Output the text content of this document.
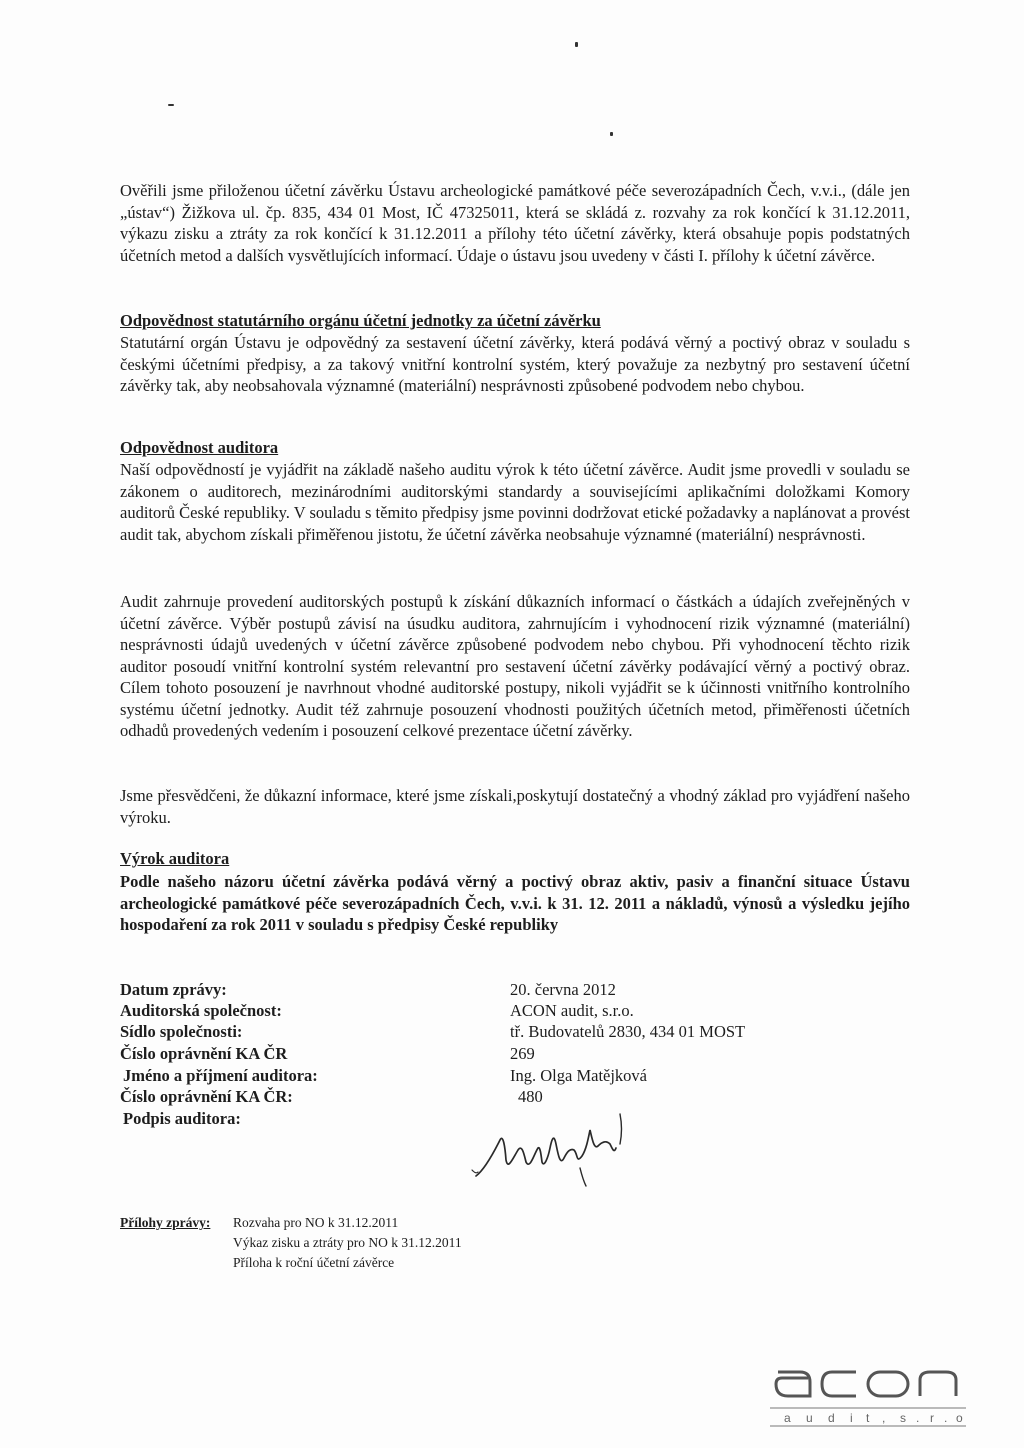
Ověřili jsme přiloženou účetní závěrku Ústavu archeologické památkové péče severozápadních Čech, v.v.i., (dále jen „ústav“) Žižkova ul. čp. 835, 434 01 Most, IČ 47325011, která se skládá z. rozvahy za rok končící k 31.12.2011, výkazu zisku a ztráty za rok končící k 31.12.2011 a přílohy této účetní závěrky, která obsahuje popis podstatných účetních metod a dalších vysvětlujících informací. Údaje o ústavu jsou uvedeny v části I. přílohy k účetní závěrce.

Odpovědnost statutárního orgánu účetní jednotky za účetní závěrku

Statutární orgán Ústavu je odpovědný za sestavení účetní závěrky, která podává věrný a poctivý obraz v souladu s českými účetními předpisy, a za takový vnitřní kontrolní systém, který považuje za nezbytný pro sestavení účetní závěrky tak, aby neobsahovala významné (materiální) nesprávnosti způsobené podvodem nebo chybou.

Odpovědnost auditora

Naší odpovědností je vyjádřit na základě našeho auditu výrok k této účetní závěrce. Audit jsme provedli v souladu se zákonem o auditorech, mezinárodními auditorskými standardy a souvisejícími aplikačními doložkami Komory auditorů České republiky. V souladu s těmito předpisy jsme povinni dodržovat etické požadavky a naplánovat a provést audit tak, abychom získali přiměřenou jistotu, že účetní závěrka neobsahuje významné (materiální) nesprávnosti.

Audit zahrnuje provedení auditorských postupů k získání důkazních informací o částkách a údajích zveřejněných v účetní závěrce. Výběr postupů závisí na úsudku auditora, zahrnujícím i vyhodnocení rizik významné (materiální) nesprávnosti údajů uvedených v účetní závěrce způsobené podvodem nebo chybou. Při vyhodnocení těchto rizik auditor posoudí vnitřní kontrolní systém relevantní pro sestavení účetní závěrky podávající věrný a poctivý obraz. Cílem tohoto posouzení je navrhnout vhodné auditorské postupy, nikoli vyjádřit se k účinnosti vnitřního kontrolního systému účetní jednotky. Audit též zahrnuje posouzení vhodnosti použitých účetních metod, přiměřenosti účetních odhadů provedených vedením i posouzení celkové prezentace účetní závěrky.

Jsme přesvědčeni, že důkazní informace, které jsme získali,poskytují dostatečný a vhodný základ pro vyjádření našeho výroku.

Výrok auditora

Podle našeho názoru účetní závěrka podává věrný a poctivý obraz aktiv, pasiv a finanční situace Ústavu archeologické památkové péče severozápadních Čech, v.v.i. k 31. 12. 2011 a nákladů, výnosů a výsledku jejího hospodaření za rok 2011 v souladu s předpisy České republiky

Datum zprávy:	20. června 2012
Auditorská společnost:	ACON audit, s.r.o.
Sídlo společnosti:	tř. Budovatelů 2830, 434 01 MOST
Číslo oprávnění KA ČR	269
Jméno a příjmení auditora:	Ing. Olga Matějková
Číslo oprávnění KA ČR:	480
Podpis auditora:
Přílohy zprávy: Rozvaha pro NO k 31.12.2011
Výkaz zisku a ztráty pro NO k 31.12.2011
Příloha k roční účetní závěrce
a u d i t , s . r . o
